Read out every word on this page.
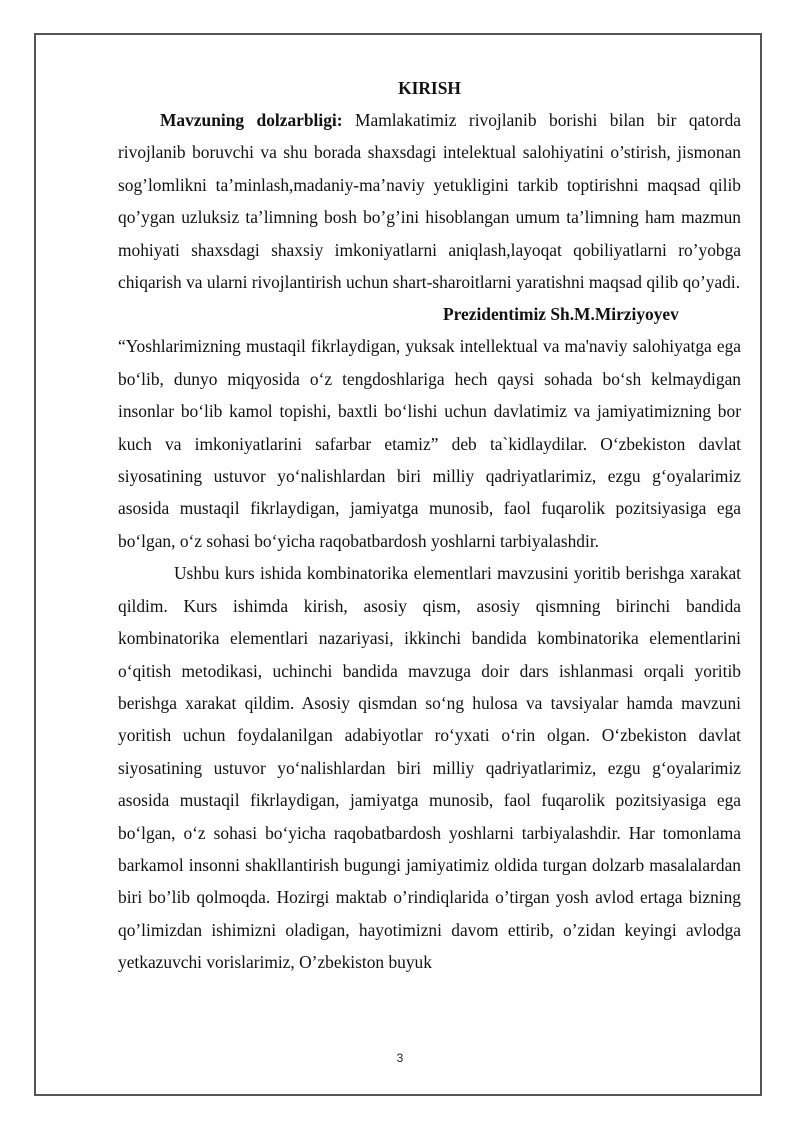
KIRISH

Mavzuning dolzarbligi: Mamlakatimiz rivojlanib borishi bilan bir qatorda rivojlanib boruvchi va shu borada shaxsdagi intelektual salohiyatini o’stirish, jismonan sog’lomlikni ta’minlash,madaniy-ma’naviy yetukligini tarkib toptirishni maqsad qilib qo’ygan uzluksiz ta’limning bosh bo’g’ini hisoblangan umum ta’limning ham mazmun mohiyati shaxsdagi shaxsiy imkoniyatlarni aniqlash,layoqat qobiliyatlarni ro’yobga chiqarish va ularni rivojlantirish uchun shart-sharoitlarni yaratishni maqsad qilib qo’yadi.

Prezidentimiz Sh.M.Mirziyoyev

“Yoshlarimizning mustaqil fikrlaydigan, yuksak intellektual va ma'naviy salohiyatga ega bo‘lib, dunyo miqyosida o‘z tengdoshlariga hech qaysi sohada bo‘sh kelmaydigan insonlar bo‘lib kamol topishi, baxtli bo‘lishi uchun davlatimiz va jamiyatimizning bor kuch va imkoniyatlarini safarbar etamiz” deb ta`kidlaydilar. O‘zbekiston davlat siyosatining ustuvor yo‘nalishlardan biri milliy qadriyatlarimiz, ezgu g‘oyalarimiz asosida mustaqil fikrlaydigan, jamiyatga munosib, faol fuqarolik pozitsiyasiga ega bo‘lgan, o‘z sohasi bo‘yicha raqobatbardosh yoshlarni tarbiyalashdir.

Ushbu kurs ishida kombinatorika elementlari mavzusini yoritib berishga xarakat qildim. Kurs ishimda kirish, asosiy qism, asosiy qismning birinchi bandida kombinatorika elementlari nazariyasi, ikkinchi bandida kombinatorika elementlarini o‘qitish metodikasi, uchinchi bandida mavzuga doir dars ishlanmasi orqali yoritib berishga xarakat qildim. Asosiy qismdan so‘ng hulosa va tavsiyalar hamda mavzuni yoritish uchun foydalanilgan adabiyotlar ro‘yxati o‘rin olgan. O‘zbekiston davlat siyosatining ustuvor yo‘nalishlardan biri milliy qadriyatlarimiz, ezgu g‘oyalarimiz asosida mustaqil fikrlaydigan, jamiyatga munosib, faol fuqarolik pozitsiyasiga ega bo‘lgan, o‘z sohasi bo‘yicha raqobatbardosh yoshlarni tarbiyalashdir. Har tomonlama barkamol insonni shakllantirish bugungi jamiyatimiz oldida turgan dolzarb masalalardan biri bo’lib qolmoqda. Hozirgi maktab o’rindiqlarida o’tirgan yosh avlod ertaga bizning qo’limizdan ishimizni oladigan, hayotimizni davom ettirib, o’zidan keyingi avlodga yetkazuvchi vorislarimiz, O’zbekiston buyuk

3
